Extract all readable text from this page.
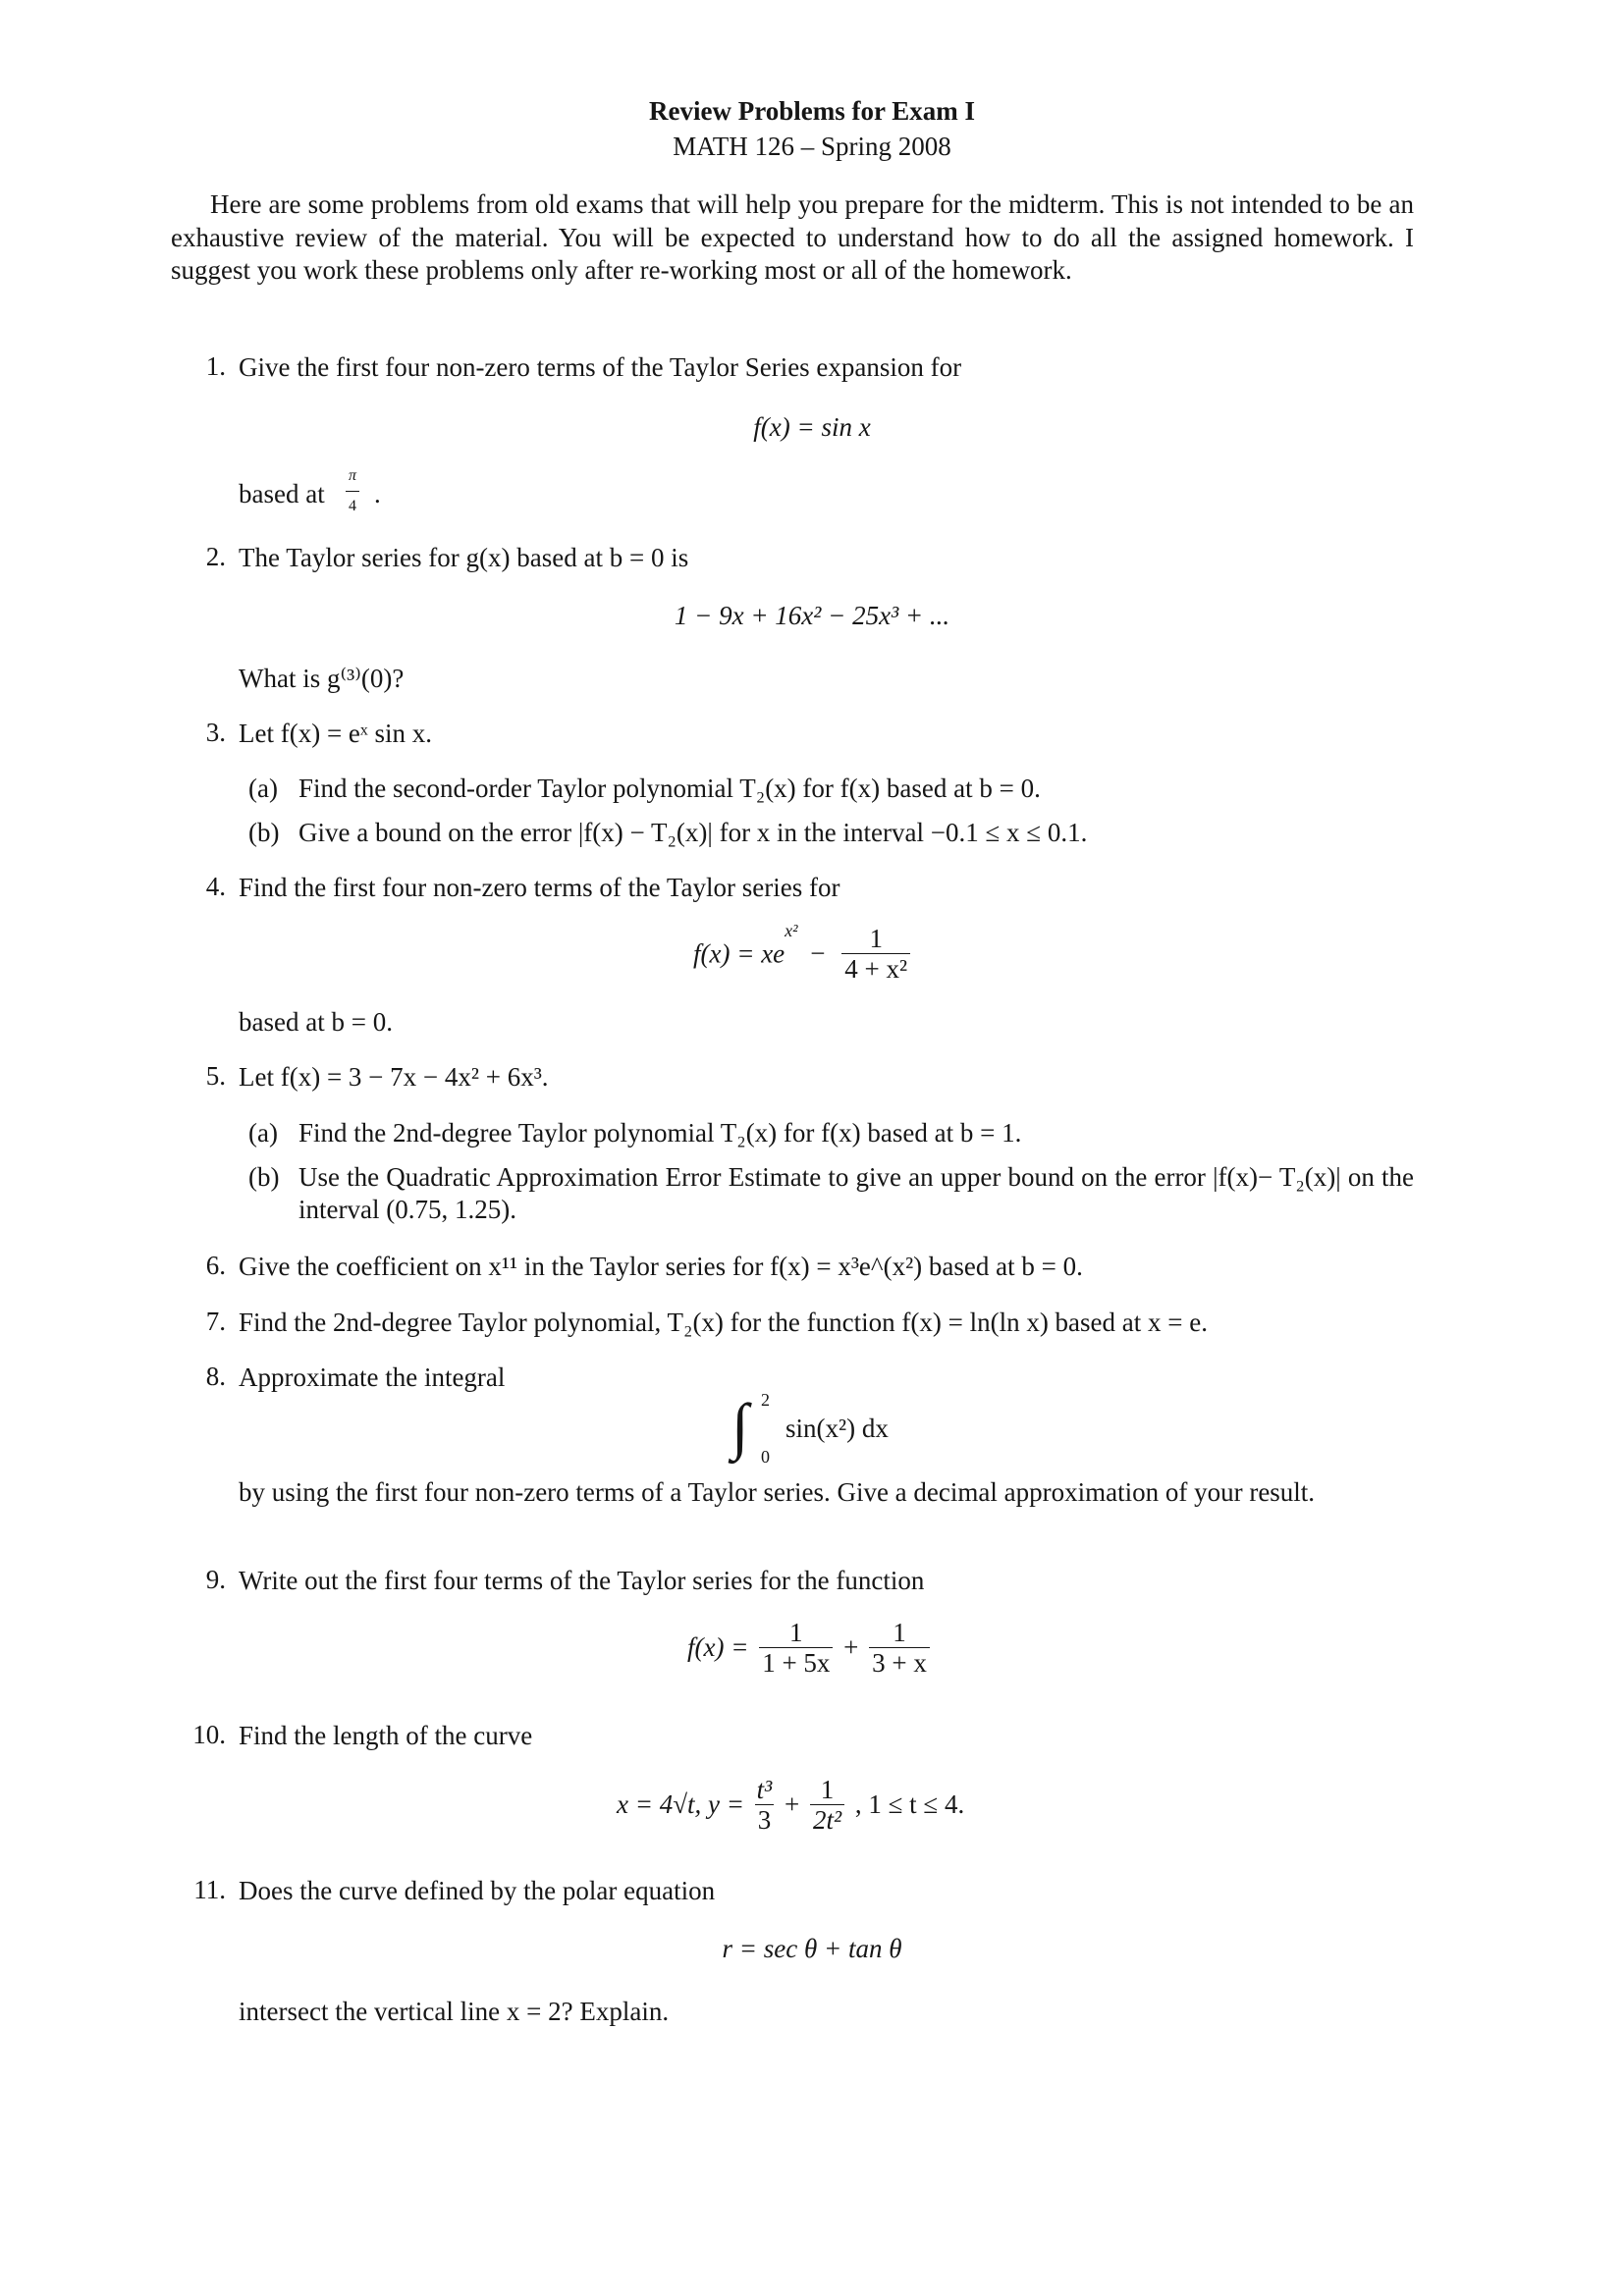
Review Problems for Exam I
MATH 126 – Spring 2008
Here are some problems from old exams that will help you prepare for the midterm. This is not intended to be an exhaustive review of the material. You will be expected to understand how to do all the assigned homework. I suggest you work these problems only after re-working most or all of the homework.
1. Give the first four non-zero terms of the Taylor Series expansion for
f(x) = sin x
based at $\frac{\pi}{4}$ .
2. The Taylor series for g(x) based at b = 0 is
1 − 9x + 16x² − 25x³ + ...
What is g⁽³⁾(0)?
3. Let f(x) = eˣ sin x.
(a) Find the second-order Taylor polynomial T₂(x) for f(x) based at b = 0.
(b) Give a bound on the error |f(x) − T₂(x)| for x in the interval −0.1 ≤ x ≤ 0.1.
4. Find the first four non-zero terms of the Taylor series for
$f(x) = xe^{x^2} - \frac{1}{\text{4 + x²}}$
based at b = 0.
5. Let f(x) = 3 − 7x − 4x² + 6x³.
(a) Find the 2nd-degree Taylor polynomial T₂(x) for f(x) based at b = 1.
(b) Use the Quadratic Approximation Error Estimate to give an upper bound on the error |f(x)− T₂(x)| on the interval (0.75, 1.25).
6. Give the coefficient on x¹¹ in the Taylor series for f(x) = x³e^(x²) based at b = 0.
7. Find the 2nd-degree Taylor polynomial, T₂(x) for the function f(x) = ln(ln x) based at x = e.
8. Approximate the integral
∫ 2
0
sin(x²) dx
by using the first four non-zero terms of a Taylor series. Give a decimal approximation of your result.
9. Write out the first four terms of the Taylor series for the function
$f(x) = \frac{1}{1 + 5x} + \frac{1}{3 + x}$
10. Find the length of the curve
x = 4√t, $y = \frac{\text{t³}}{3} + \frac{1}{\text{2t²}}$ , 1 ≤ t ≤ 4.
11. Does the curve defined by the polar equation
r = sec θ + tan θ
intersect the vertical line x = 2? Explain.
